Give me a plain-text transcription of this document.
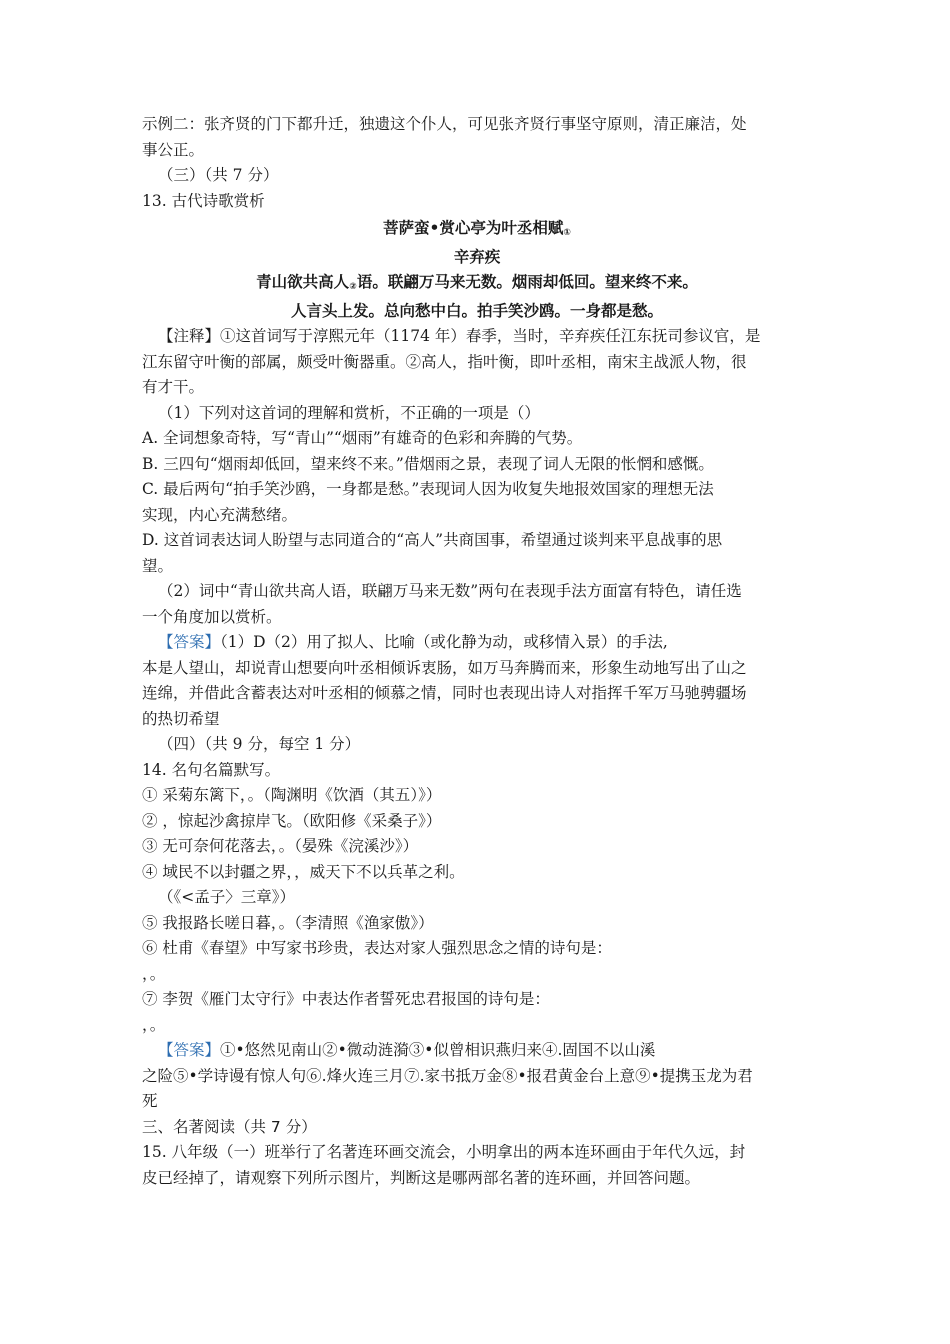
示例二：张齐贤的门下都升迁，独遗这个仆人，可见张齐贤行事坚守原则，清正廉洁，处

事公正。

（三）（共 7 分）

13. 古代诗歌赏析

菩萨蛮•赏心亭为叶丞相赋①

辛弃疾

青山欲共高人②语。联翩万马来无数。烟雨却低回。望来终不来。

人言头上发。总向愁中白。拍手笑沙鸥。一身都是愁。

【注释】①这首词写于淳熙元年（1174 年）春季，当时，辛弃疾任江东抚司参议官，是

江东留守叶衡的部属，颇受叶衡器重。②高人，指叶衡，即叶丞相，南宋主战派人物，很

有才干。

（1）下列对这首词的理解和赏析，不正确的一项是（）

A. 全词想象奇特，写“青山”“烟雨”有雄奇的色彩和奔腾的气势。

B. 三四句“烟雨却低回，望来终不来。”借烟雨之景，表现了词人无限的怅惘和感慨。

C. 最后两句“拍手笑沙鸥，一身都是愁。”表现词人因为收复失地报效国家的理想无法

实现，内心充满愁绪。

D. 这首词表达词人盼望与志同道合的“高人”共商国事，希望通过谈判来平息战事的思

望。

（2）词中“青山欲共高人语，联翩万马来无数”两句在表现手法方面富有特色，请任选

一个角度加以赏析。

【答案】（1）D（2）用了拟人、比喻（或化静为动，或移情入景）的手法,

本是人望山，却说青山想要向叶丞相倾诉衷肠，如万马奔腾而来，形象生动地写出了山之

连绵，并借此含蓄表达对叶丞相的倾慕之情，同时也表现出诗人对指挥千军万马驰骋疆场

的热切希望

（四）（共 9 分，每空 1 分）

14. 名句名篇默写。

① 采菊东篱下，。（陶渊明《饮酒（其五）》）

② ，惊起沙禽掠岸飞。（欧阳修《采桑子》）

③ 无可奈何花落去，。（晏殊《浣溪沙》）

④ 域民不以封疆之界，，威天下不以兵革之利。

（《<孟子〉三章》）

⑤ 我报路长嗟日暮，。（李清照《渔家傲》）

⑥ 杜甫《春望》中写家书珍贵，表达对家人强烈思念之情的诗句是：

，。

⑦ 李贺《雁门太守行》中表达作者誓死忠君报国的诗句是：

，。

【答案】①•悠然见南山②•微动涟漪③•似曾相识燕归来④.固国不以山溪

之险⑤•学诗谩有惊人句⑥.烽火连三月⑦.家书抵万金⑧•报君黄金台上意⑨•提携玉龙为君

死

三、名著阅读（共 7 分）

15. 八年级（一）班举行了名著连环画交流会，小明拿出的两本连环画由于年代久远，封

皮已经掉了，请观察下列所示图片，判断这是哪两部名著的连环画，并回答问题。
